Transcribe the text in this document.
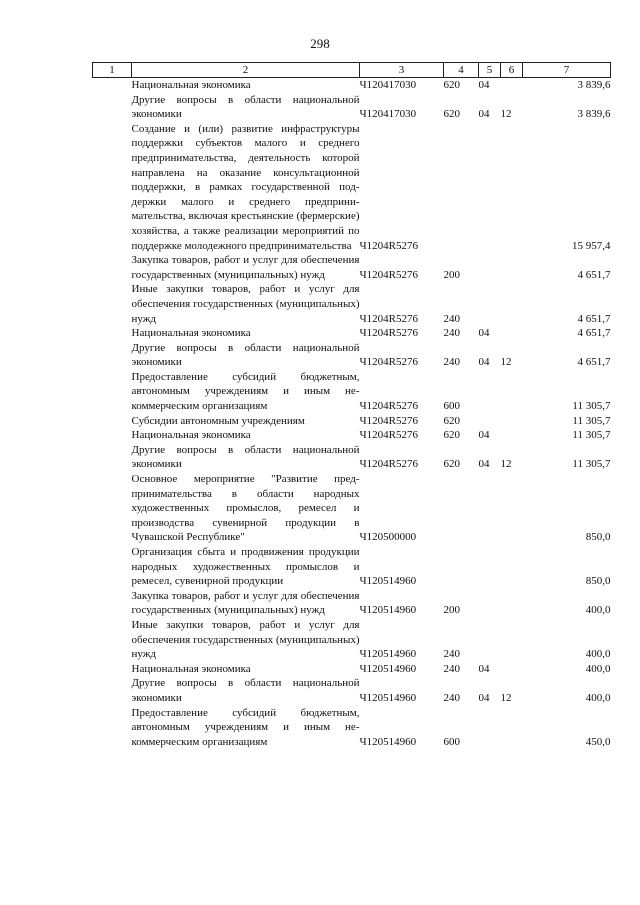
298
1	2	3	4	5	6	7
	Национальная экономика	Ч120417030	620	04		3 839,6
	Другие вопросы в области национальной экономики	Ч120417030	620	04	12	3 839,6
	Создание и (или) развитие инфраструктуры поддержки субъектов малого и среднего предпринимательства, деятельность которой направлена на оказание консультационной поддержки, в рамках государственной поддержки малого и среднего предпринимательства, включая крестьянские (фермерские) хозяйства, а также реализации мероприятий по поддержке молодежного предпринимательства	Ч1204R5276				15 957,4
	Закупка товаров, работ и услуг для обеспечения государственных (муниципальных) нужд	Ч1204R5276	200			4 651,7
	Иные закупки товаров, работ и услуг для обеспечения государственных (муниципальных) нужд	Ч1204R5276	240			4 651,7
	Национальная экономика	Ч1204R5276	240	04		4 651,7
	Другие вопросы в области национальной экономики	Ч1204R5276	240	04	12	4 651,7
	Предоставление субсидий бюджетным, автономным учреждениям и иным некоммерческим организациям	Ч1204R5276	600			11 305,7
	Субсидии автономным учреждениям	Ч1204R5276	620			11 305,7
	Национальная экономика	Ч1204R5276	620	04		11 305,7
	Другие вопросы в области национальной экономики	Ч1204R5276	620	04	12	11 305,7
	Основное мероприятие "Развитие предпринимательства в области народных художественных промыслов, ремесел и производства сувенирной продукции в Чувашской Республике"	Ч120500000				850,0
	Организация сбыта и продвижения продукции народных художественных промыслов и ремесел, сувенирной продукции	Ч120514960				850,0
	Закупка товаров, работ и услуг для обеспечения государственных (муниципальных) нужд	Ч120514960	200			400,0
	Иные закупки товаров, работ и услуг для обеспечения государственных (муниципальных) нужд	Ч120514960	240			400,0
	Национальная экономика	Ч120514960	240	04		400,0
	Другие вопросы в области национальной экономики	Ч120514960	240	04	12	400,0
	Предоставление субсидий бюджетным, автономным учреждениям и иным некоммерческим организациям	Ч120514960	600			450,0
